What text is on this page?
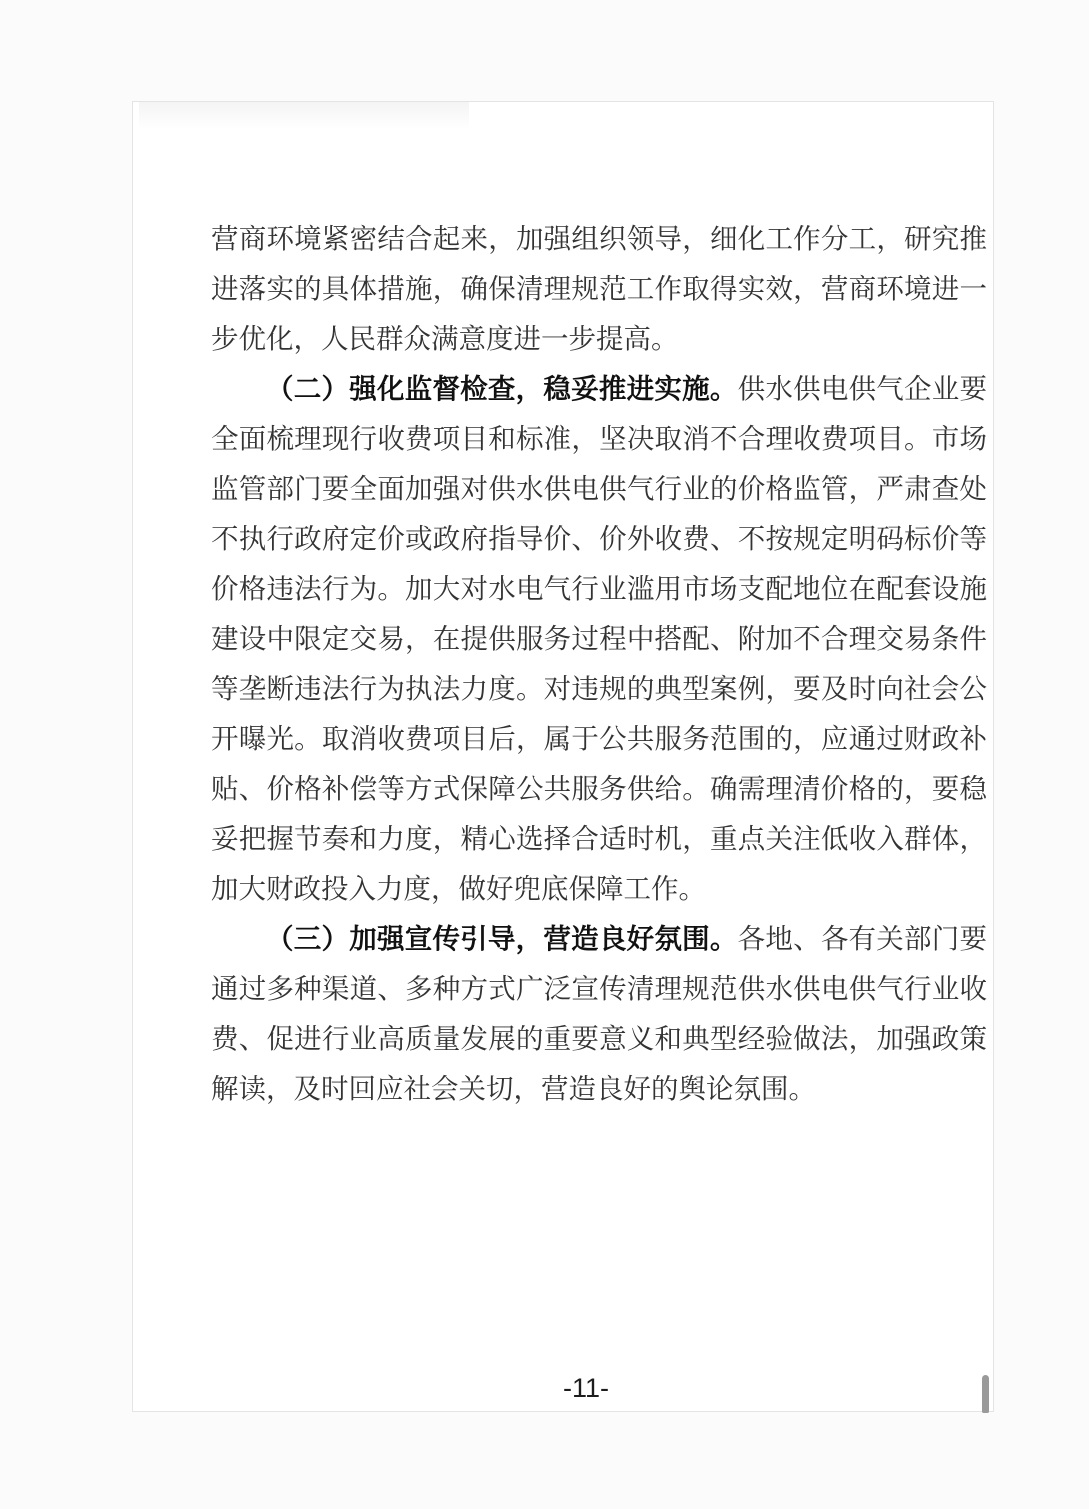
营商环境紧密结合起来，加强组织领导，细化工作分工，研究推
进落实的具体措施，确保清理规范工作取得实效，营商环境进一
步优化，人民群众满意度进一步提高。
（二）强化监督检查，稳妥推进实施。供水供电供气企业要
全面梳理现行收费项目和标准，坚决取消不合理收费项目。市场
监管部门要全面加强对供水供电供气行业的价格监管，严肃查处
不执行政府定价或政府指导价、价外收费、不按规定明码标价等
价格违法行为。加大对水电气行业滥用市场支配地位在配套设施
建设中限定交易，在提供服务过程中搭配、附加不合理交易条件
等垄断违法行为执法力度。对违规的典型案例，要及时向社会公
开曝光。取消收费项目后，属于公共服务范围的，应通过财政补
贴、价格补偿等方式保障公共服务供给。确需理清价格的，要稳
妥把握节奏和力度，精心选择合适时机，重点关注低收入群体，
加大财政投入力度，做好兜底保障工作。
（三）加强宣传引导，营造良好氛围。各地、各有关部门要
通过多种渠道、多种方式广泛宣传清理规范供水供电供气行业收
费、促进行业高质量发展的重要意义和典型经验做法，加强政策
解读，及时回应社会关切，营造良好的舆论氛围。
-11-
